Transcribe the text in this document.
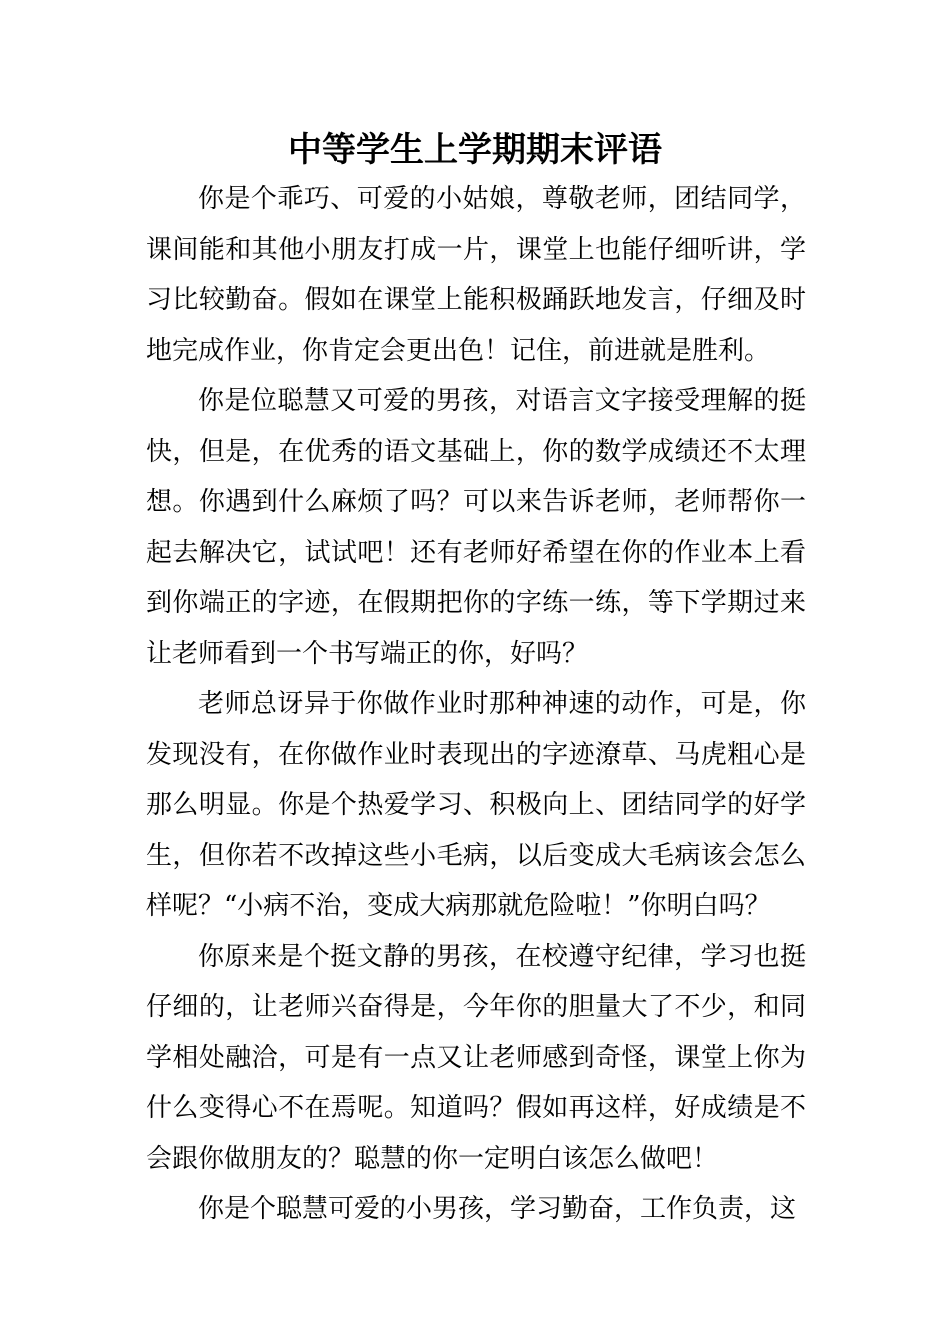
中等学生上学期期末评语

你是个乖巧、可爱的小姑娘，尊敬老师，团结同学，课间能和其他小朋友打成一片，课堂上也能仔细听讲，学习比较勤奋。假如在课堂上能积极踊跃地发言，仔细及时地完成作业，你肯定会更出色！记住，前进就是胜利。

你是位聪慧又可爱的男孩，对语言文字接受理解的挺快，但是，在优秀的语文基础上，你的数学成绩还不太理想。你遇到什么麻烦了吗？可以来告诉老师，老师帮你一起去解决它，试试吧！还有老师好希望在你的作业本上看到你端正的字迹，在假期把你的字练一练，等下学期过来让老师看到一个书写端正的你，好吗？

老师总讶异于你做作业时那种神速的动作，可是，你发现没有，在你做作业时表现出的字迹潦草、马虎粗心是那么明显。你是个热爱学习、积极向上、团结同学的好学生，但你若不改掉这些小毛病，以后变成大毛病该会怎么样呢？“小病不治，变成大病那就危险啦！”你明白吗？

你原来是个挺文静的男孩，在校遵守纪律，学习也挺仔细的，让老师兴奋得是，今年你的胆量大了不少，和同学相处融洽，可是有一点又让老师感到奇怪，课堂上你为什么变得心不在焉呢。知道吗？假如再这样，好成绩是不会跟你做朋友的？聪慧的你一定明白该怎么做吧！

你是个聪慧可爱的小男孩，学习勤奋，工作负责，这
